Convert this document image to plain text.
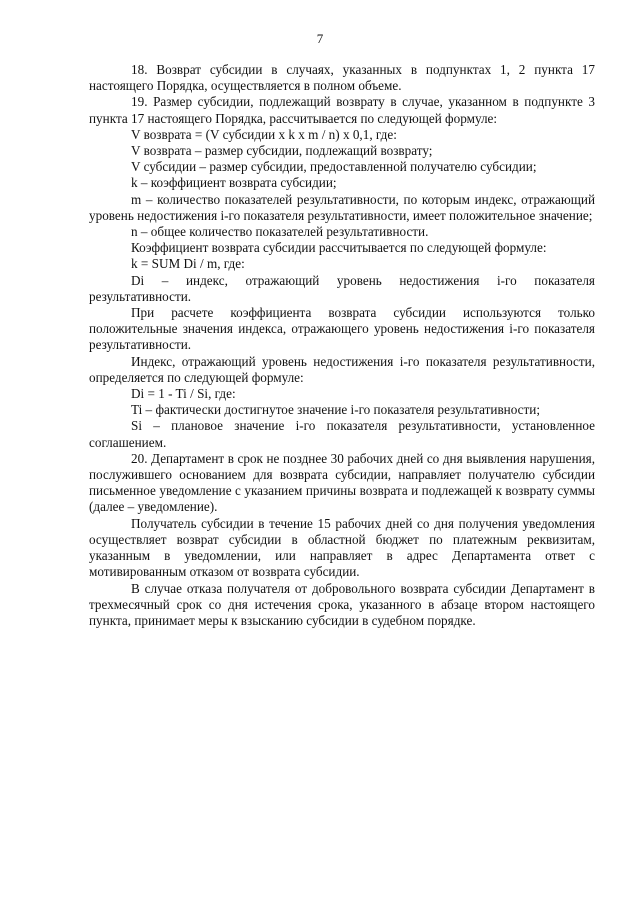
7

18. Возврат субсидии в случаях, указанных в подпунктах 1, 2 пункта 17 настоящего Порядка, осуществляется в полном объеме.

19. Размер субсидии, подлежащий возврату в случае, указанном в подпункте 3 пункта 17 настоящего Порядка, рассчитывается по следующей формуле:

V возврата = (V субсидии x k x m / n) x 0,1, где:

V возврата – размер субсидии, подлежащий возврату;

V субсидии – размер субсидии, предоставленной получателю субсидии;

k – коэффициент возврата субсидии;

m – количество показателей результативности, по которым индекс, отражающий уровень недостижения i-го показателя результативности, имеет положительное значение;

n – общее количество показателей результативности.

Коэффициент возврата субсидии рассчитывается по следующей формуле:

k = SUM Di / m, где:

Di – индекс, отражающий уровень недостижения i-го показателя результативности.

При расчете коэффициента возврата субсидии используются только положительные значения индекса, отражающего уровень недостижения i-го показателя результативности.

Индекс, отражающий уровень недостижения i-го показателя результативности, определяется по следующей формуле:

Di = 1 - Ti / Si, где:

Ti – фактически достигнутое значение i-го показателя результативности;

Si – плановое значение i-го показателя результативности, установленное соглашением.

20. Департамент в срок не позднее 30 рабочих дней со дня выявления нарушения, послужившего основанием для возврата субсидии, направляет получателю субсидии письменное уведомление с указанием причины возврата и подлежащей к возврату суммы (далее – уведомление).

Получатель субсидии в течение 15 рабочих дней со дня получения уведомления осуществляет возврат субсидии в областной бюджет по платежным реквизитам, указанным в уведомлении, или направляет в адрес Департамента ответ с мотивированным отказом от возврата субсидии.

В случае отказа получателя от добровольного возврата субсидии Департамент в трехмесячный срок со дня истечения срока, указанного в абзаце втором настоящего пункта, принимает меры к взысканию субсидии в судебном порядке.
